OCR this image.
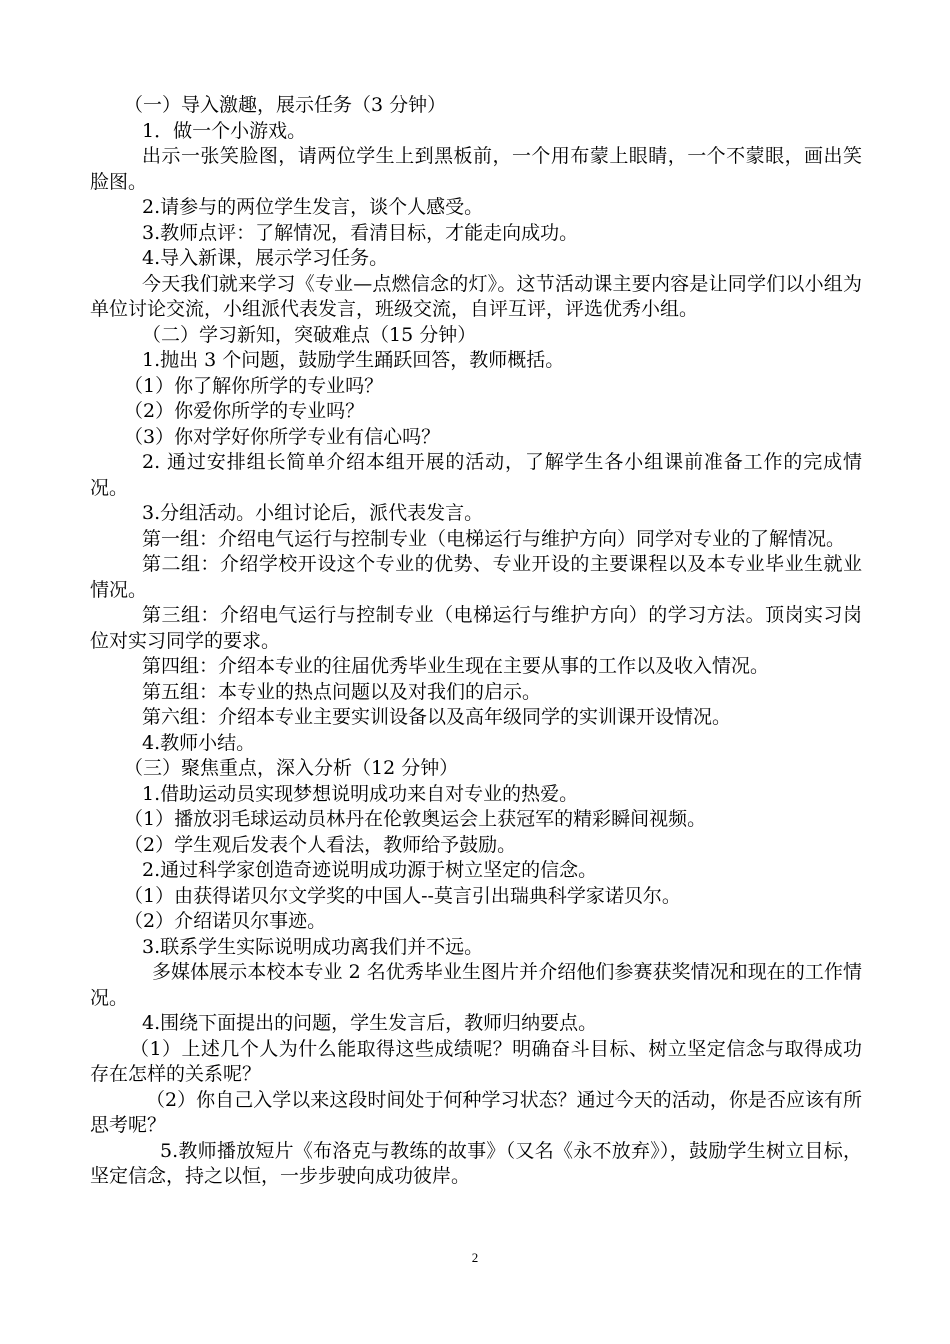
（一）导入激趣，展示任务（3 分钟）

1．做一个小游戏。

出示一张笑脸图，请两位学生上到黑板前，一个用布蒙上眼睛，一个不蒙眼，画出笑脸图。

2.请参与的两位学生发言，谈个人感受。

3.教师点评：了解情况，看清目标，才能走向成功。

4.导入新课，展示学习任务。

今天我们就来学习《专业—点燃信念的灯》。这节活动课主要内容是让同学们以小组为单位讨论交流，小组派代表发言，班级交流，自评互评，评选优秀小组。

（二）学习新知，突破难点（15 分钟）

1.抛出 3 个问题，鼓励学生踊跃回答，教师概括。

（1）你了解你所学的专业吗？

（2）你爱你所学的专业吗？

（3）你对学好你所学专业有信心吗？

2. 通过安排组长简单介绍本组开展的活动，了解学生各小组课前准备工作的完成情况。

3.分组活动。小组讨论后，派代表发言。

第一组：介绍电气运行与控制专业（电梯运行与维护方向）同学对专业的了解情况。

第二组：介绍学校开设这个专业的优势、专业开设的主要课程以及本专业毕业生就业情况。

第三组：介绍电气运行与控制专业（电梯运行与维护方向）的学习方法。顶岗实习岗位对实习同学的要求。

第四组：介绍本专业的往届优秀毕业生现在主要从事的工作以及收入情况。

第五组：本专业的热点问题以及对我们的启示。

第六组：介绍本专业主要实训设备以及高年级同学的实训课开设情况。

4.教师小结。

（三）聚焦重点，深入分析（12 分钟）

1.借助运动员实现梦想说明成功来自对专业的热爱。

（1）播放羽毛球运动员林丹在伦敦奥运会上获冠军的精彩瞬间视频。

（2）学生观后发表个人看法，教师给予鼓励。

2.通过科学家创造奇迹说明成功源于树立坚定的信念。

（1）由获得诺贝尔文学奖的中国人--莫言引出瑞典科学家诺贝尔。

（2）介绍诺贝尔事迹。

3.联系学生实际说明成功离我们并不远。

多媒体展示本校本专业 2 名优秀毕业生图片并介绍他们参赛获奖情况和现在的工作情况。

4.围绕下面提出的问题，学生发言后，教师归纳要点。

（1）上述几个人为什么能取得这些成绩呢？明确奋斗目标、树立坚定信念与取得成功存在怎样的关系呢？

（2）你自己入学以来这段时间处于何种学习状态？通过今天的活动，你是否应该有所思考呢？

5.教师播放短片《布洛克与教练的故事》（又名《永不放弃》），鼓励学生树立目标，坚定信念，持之以恒，一步步驶向成功彼岸。

2
